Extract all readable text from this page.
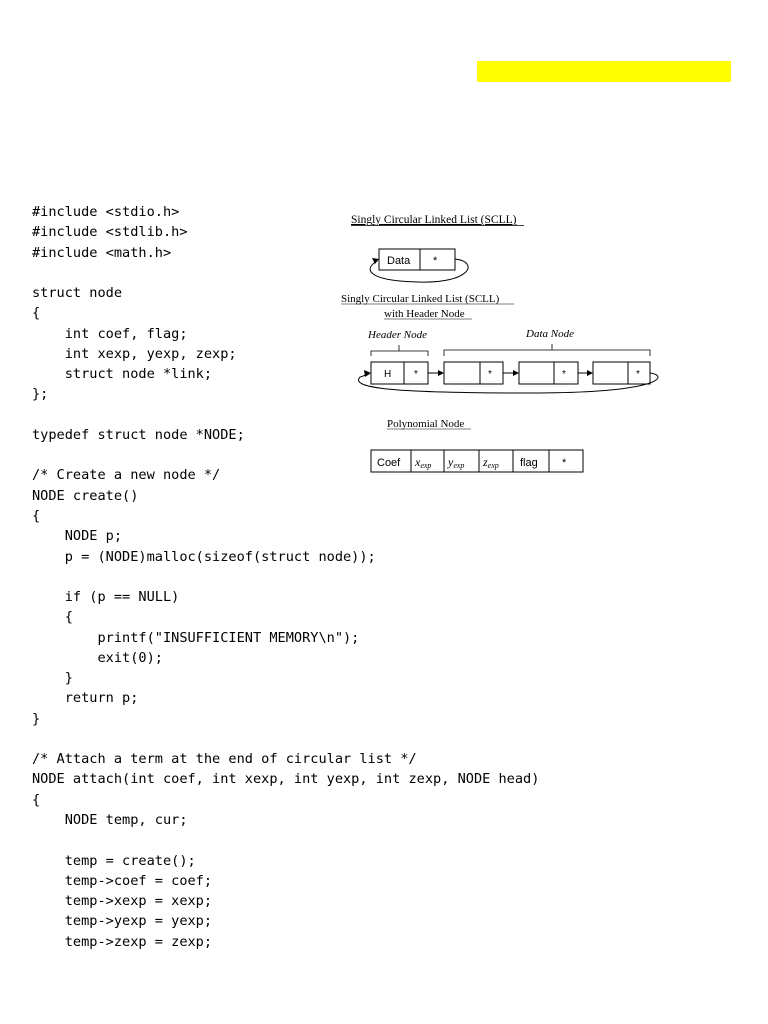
#include <stdio.h>
#include <stdlib.h>
#include <math.h>
struct node
{
int coef, flag;
int xexp, yexp, zexp;
struct node *link;
};
typedef struct node *NODE;
/* Create a new node */
NODE create()
{
NODE p;
p = (NODE)malloc(sizeof(struct node));
if (p == NULL)
{
printf("INSUFFICIENT MEMORY\n");
exit(0);
}
return p;
}
/* Attach a term at the end of circular list */
NODE attach(int coef, int xexp, int yexp, int zexp, NODE head)
{
NODE temp, cur;
temp = create();
temp->coef = coef;
temp->xexp = xexp;
temp->yexp = yexp;
temp->zexp = zexp;
Singly Circular Linked List (SCLL)
Data *
Singly Circular Linked List (SCLL)
with Header Node
Header Node	Data Node
H *	*	*	*
Polynomial Node
Coef xexp yexp zexp flag *
